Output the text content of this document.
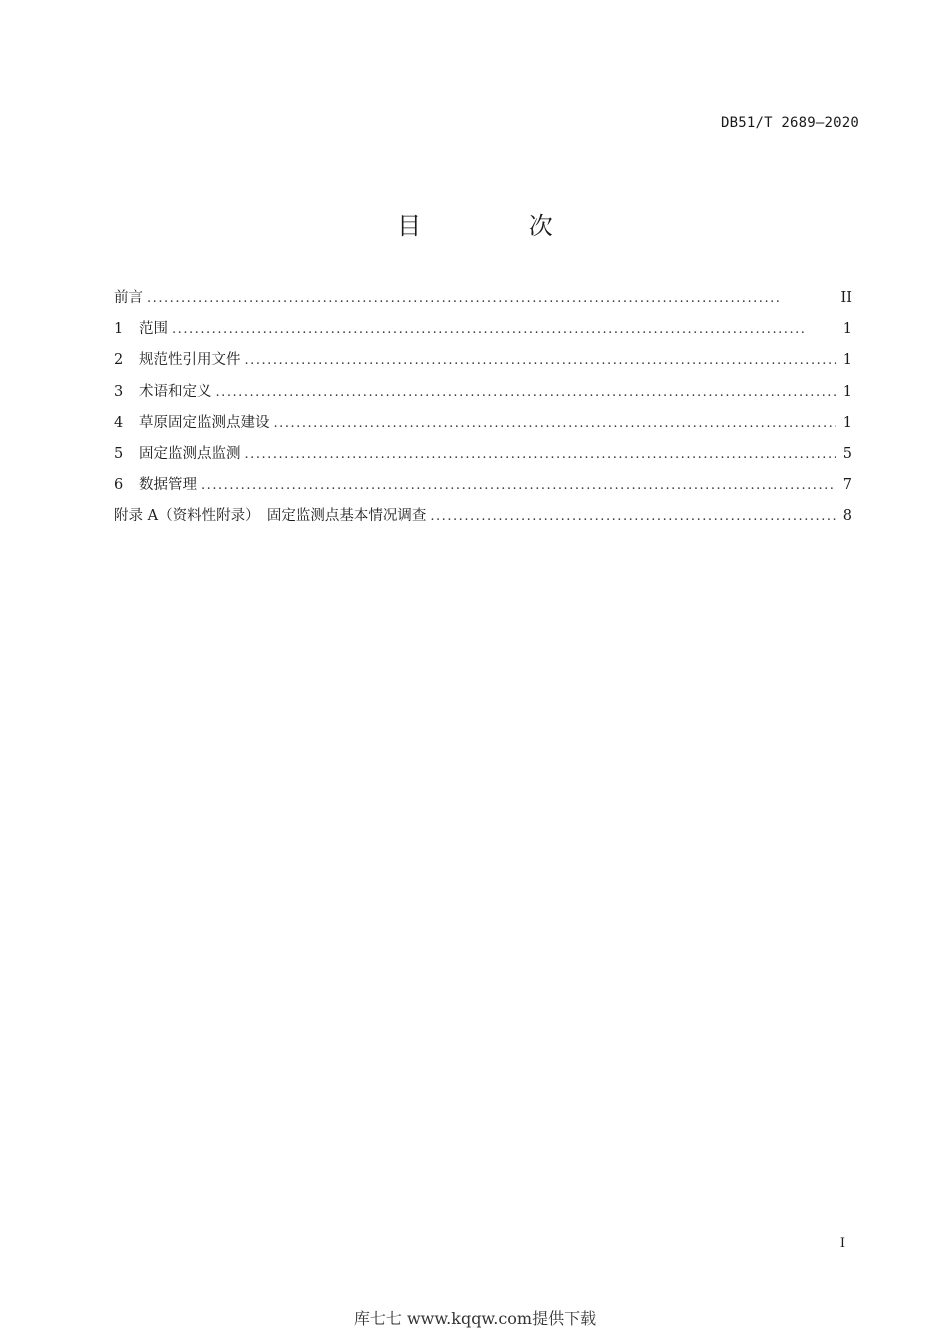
DB51/T 2689—2020
目 次
前言 . . .	II
1	范围 . . .	1
2	规范性引用文件 . . .	1
3	术语和定义 . . .	1
4	草原固定监测点建设 . . .	1
5	固定监测点监测 . . .	5
6	数据管理 . . .	7
附录 A（资料性附录）　固定监测点基本情况调查 . . .	8
I
库七七 www.kqqw.com提供下载
